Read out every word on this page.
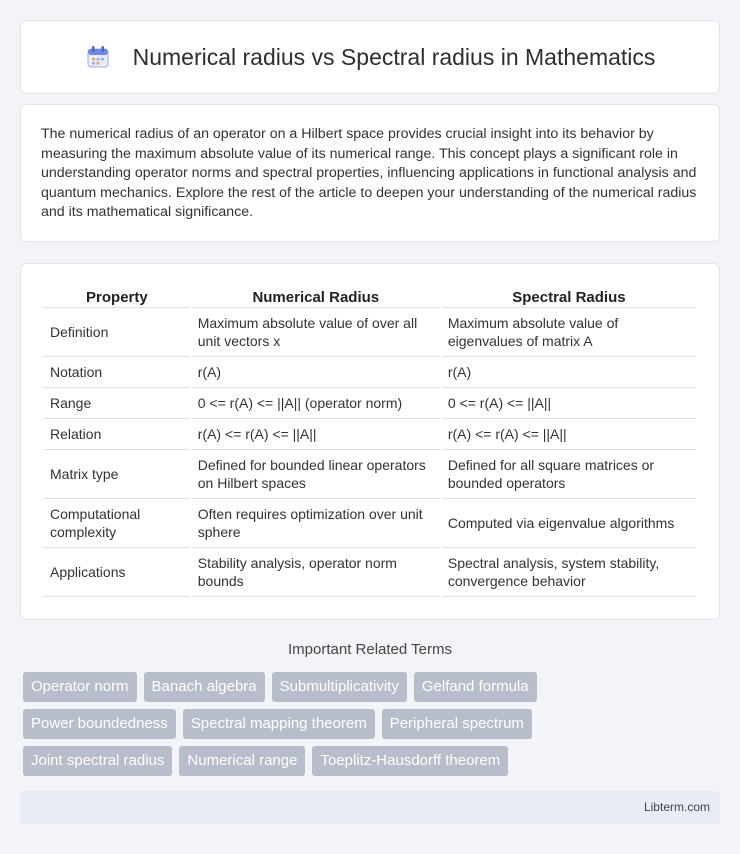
Numerical radius vs Spectral radius in Mathematics

The numerical radius of an operator on a Hilbert space provides crucial insight into its behavior by measuring the maximum absolute value of its numerical range. This concept plays a significant role in understanding operator norms and spectral properties, influencing applications in functional analysis and quantum mechanics. Explore the rest of the article to deepen your understanding of the numerical radius and its mathematical significance.

Property	Numerical Radius	Spectral Radius
Definition	Maximum absolute value of over all unit vectors x	Maximum absolute value of eigenvalues of matrix A
Notation	r(A)	r(A)
Range	0 <= r(A) <= ||A|| (operator norm)	0 <= r(A) <= ||A||
Relation	r(A) <= r(A) <= ||A||	r(A) <= r(A) <= ||A||
Matrix type	Defined for bounded linear operators on Hilbert spaces	Defined for all square matrices or bounded operators
Computational complexity	Often requires optimization over unit sphere	Computed via eigenvalue algorithms
Applications	Stability analysis, operator norm bounds	Spectral analysis, system stability, convergence behavior
Important Related Terms
Operator norm	Banach algebra	Submultiplicativity	Gelfand formula
Power boundedness	Spectral mapping theorem	Peripheral spectrum
Joint spectral radius	Numerical range	Toeplitz-Hausdorff theorem
Libterm.com
